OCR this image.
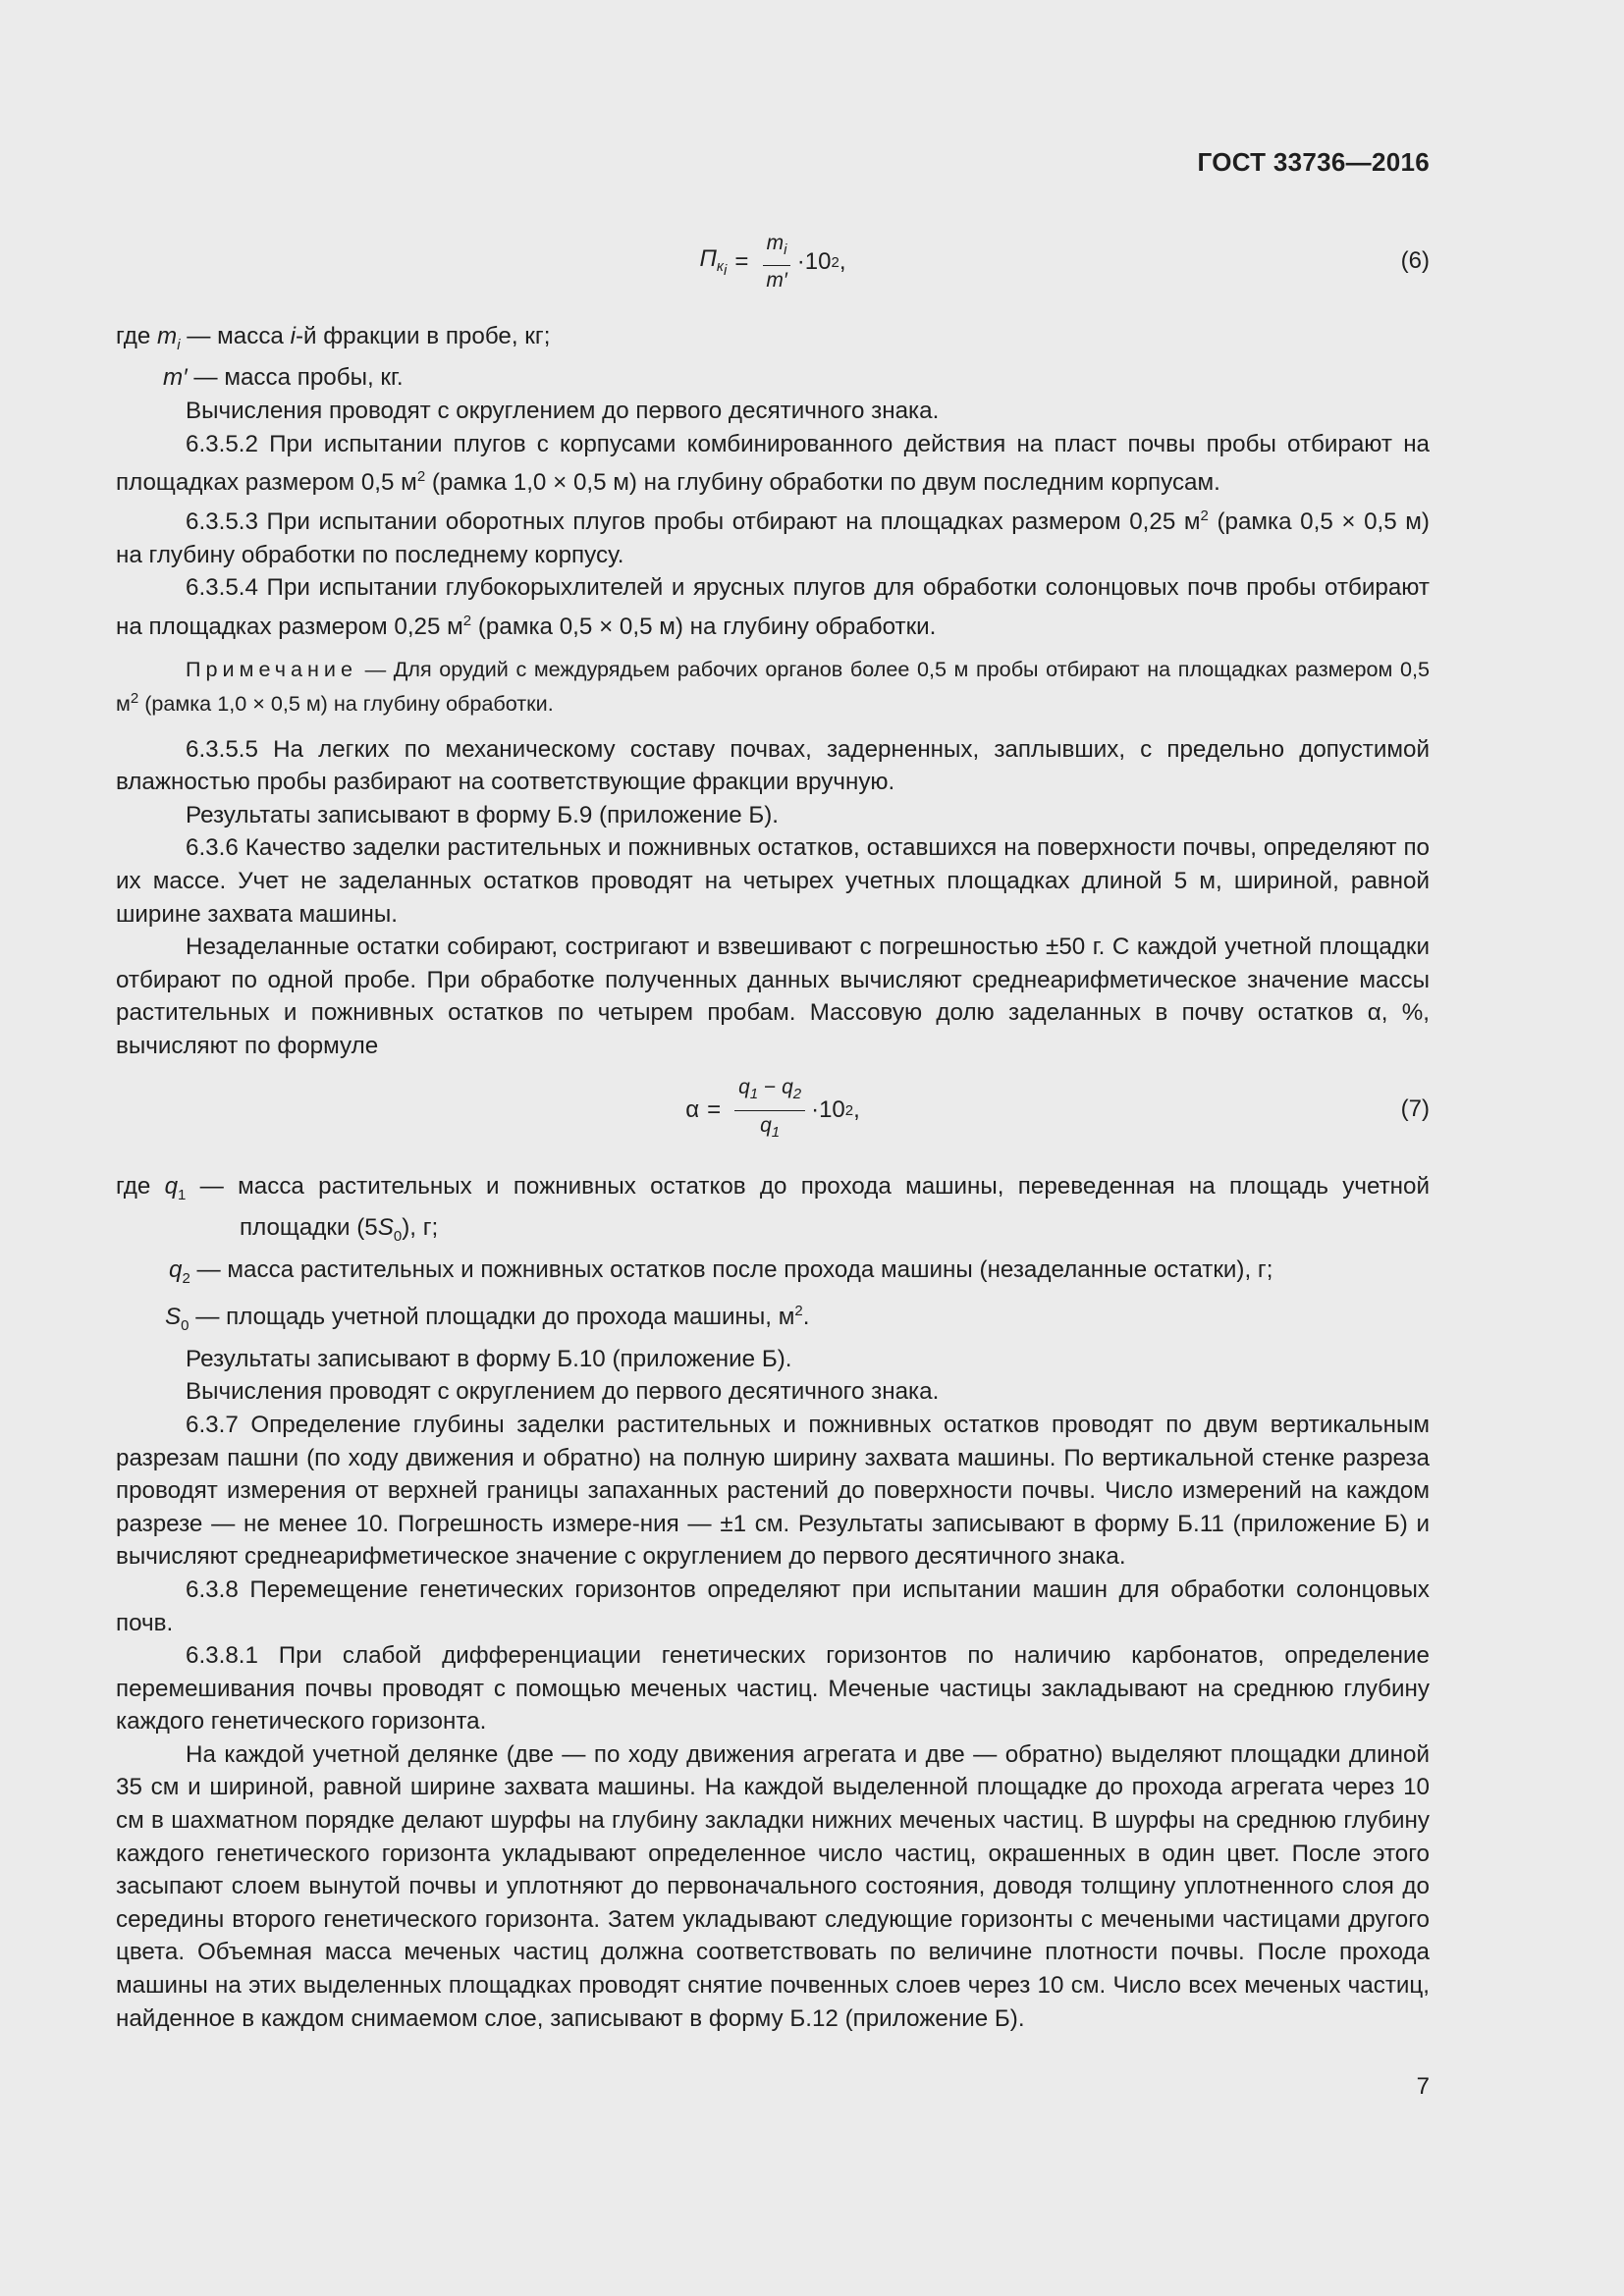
ГОСТ 33736—2016
$П_{к_i} = \frac{m_i}{m'} \cdot 10$ 2 ,	(6)

где $m_i$ — масса i-й фракции в пробе, кг;

m′ — масса пробы, кг.

Вычисления проводят с округлением до первого десятичного знака.

6.3.5.2 При испытании плугов с корпусами комбинированного действия на пласт почвы пробы отбирают на площадках размером 0,5 $м^2$ (рамка 1,0 × 0,5 м) на глубину обработки по двум последним корпусам.

6.3.5.3 При испытании оборотных плугов пробы отбирают на площадках размером 0,25 $м^2$ (рамка 0,5 × 0,5 м) на глубину обработки по последнему корпусу.

6.3.5.4 При испытании глубокорыхлителей и ярусных плугов для обработки солонцовых почв пробы отбирают на площадках размером 0,25 $м^2$ (рамка 0,5 × 0,5 м) на глубину обработки.

Примечание — Для орудий с междурядьем рабочих органов более 0,5 м пробы отбирают на площадках размером 0,5 $м^2$ (рамка 1,0 × 0,5 м) на глубину обработки.

6.3.5.5 На легких по механическому составу почвах, задерненных, заплывших, с предельно допустимой влажностью пробы разбирают на соответствующие фракции вручную.

Результаты записывают в форму Б.9 (приложение Б).

6.3.6 Качество заделки растительных и пожнивных остатков, оставшихся на поверхности почвы, определяют по их массе. Учет не заделанных остатков проводят на четырех учетных площадках длиной 5 м, шириной, равной ширине захвата машины.

Незаделанные остатки собирают, состригают и взвешивают с погрешностью ±50 г. С каждой учетной площадки отбирают по одной пробе. При обработке полученных данных вычисляют среднеарифметическое значение массы растительных и пожнивных остатков по четырем пробам. Массовую долю заделанных в почву остатков α, %, вычисляют по формуле

$\alpha = \frac{q_1 - q_2}{q_1} \cdot 10$ 2 ,	(7)

где $q_1$ — масса растительных и пожнивных остатков до прохода машины, переведенная на площадь учетной площадки $(5S_0)$, г;

$q_2$ — масса растительных и пожнивных остатков после прохода машины (незаделанные остатки), г;

$S_0$ — площадь учетной площадки до прохода машины, $м^2$.

Результаты записывают в форму Б.10 (приложение Б).

Вычисления проводят с округлением до первого десятичного знака.

6.3.7 Определение глубины заделки растительных и пожнивных остатков проводят по двум вертикальным разрезам пашни (по ходу движения и обратно) на полную ширину захвата машины. По вертикальной стенке разреза проводят измерения от верхней границы запаханных растений до поверхности почвы. Число измерений на каждом разрезе — не менее 10. Погрешность измере-ния — ±1 см. Результаты записывают в форму Б.11 (приложение Б) и вычисляют среднеарифметическое значение с округлением до первого десятичного знака.

6.3.8 Перемещение генетических горизонтов определяют при испытании машин для обработки солонцовых почв.

6.3.8.1 При слабой дифференциации генетических горизонтов по наличию карбонатов, определение перемешивания почвы проводят с помощью меченых частиц. Меченые частицы закладывают на среднюю глубину каждого генетического горизонта.

На каждой учетной делянке (две — по ходу движения агрегата и две — обратно) выделяют площадки длиной 35 см и шириной, равной ширине захвата машины. На каждой выделенной площадке до прохода агрегата через 10 см в шахматном порядке делают шурфы на глубину закладки нижних меченых частиц. В шурфы на среднюю глубину каждого генетического горизонта укладывают определенное число частиц, окрашенных в один цвет. После этого засыпают слоем вынутой почвы и уплотняют до первоначального состояния, доводя толщину уплотненного слоя до середины второго генетического горизонта. Затем укладывают следующие горизонты с мечеными частицами другого цвета. Объемная масса меченых частиц должна соответствовать по величине плотности почвы. После прохода машины на этих выделенных площадках проводят снятие почвенных слоев через 10 см. Число всех меченых частиц, найденное в каждом снимаемом слое, записывают в форму Б.12 (приложение Б).

7
